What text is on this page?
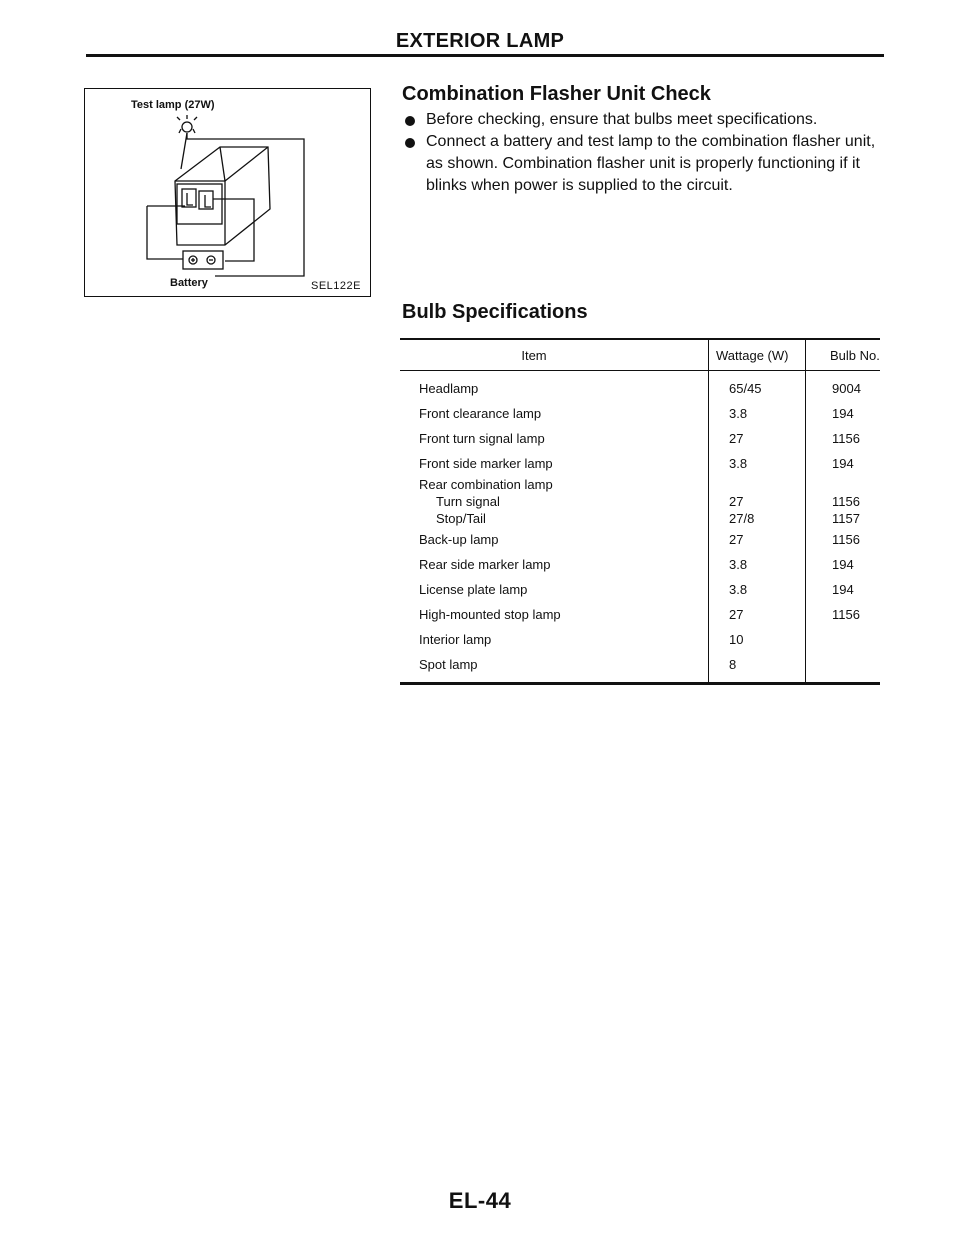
EXTERIOR LAMP
Test lamp (27W)
Battery	SEL122E
Combination Flasher Unit Check
Before checking, ensure that bulbs meet specifications.
Connect a battery and test lamp to the combination flasher unit, as shown. Combination flasher unit is properly functioning if it blinks when power is supplied to the circuit.
Bulb Specifications
Item	Wattage (W)	Bulb No.
Headlamp	65/45	9004
Front clearance lamp	3.8	194
Front turn signal lamp	27	1156
Front side marker lamp	3.8	194
Rear combination lamp		
Turn signal	27	1156
Stop/Tail	27/8	1157
Back-up lamp	27	1156
Rear side marker lamp	3.8	194
License plate lamp	3.8	194
High-mounted stop lamp	27	1156
Interior lamp	10	
Spot lamp	8	
EL-44
